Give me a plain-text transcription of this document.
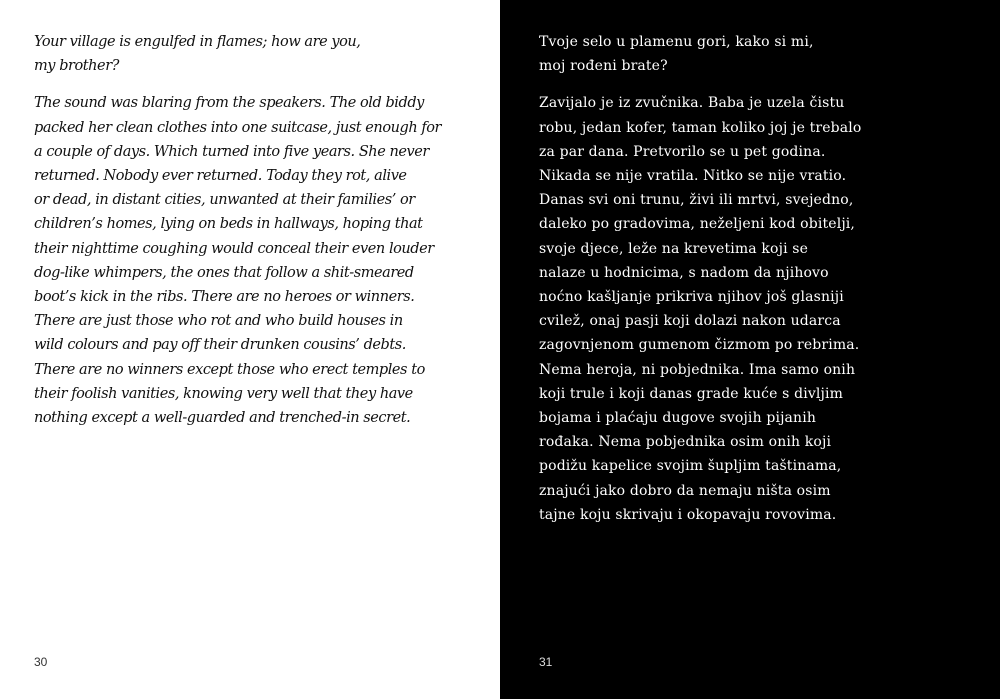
Your village is engulfed in flames; how are you,
my brother?

The sound was blaring from the speakers. The old biddy
packed her clean clothes into one suitcase, just enough for
a couple of days. Which turned into five years. She never
returned. Nobody ever returned. Today they rot, alive
or dead, in distant cities, unwanted at their families’ or
children’s homes, lying on beds in hallways, hoping that
their nighttime coughing would conceal their even louder
dog-like whimpers, the ones that follow a shit-smeared
boot’s kick in the ribs. There are no heroes or winners.
There are just those who rot and who build houses in
wild colours and pay off their drunken cousins’ debts.
There are no winners except those who erect temples to
their foolish vanities, knowing very well that they have
nothing except a well-guarded and trenched-in secret.

30

Tvoje selo u plamenu gori, kako si mi,
moj rođeni brate?

Zavijalo je iz zvučnika. Baba je uzela čistu
robu, jedan kofer, taman koliko joj je trebalo
za par dana. Pretvorilo se u pet godina.
Nikada se nije vratila. Nitko se nije vratio.
Danas svi oni trunu, živi ili mrtvi, svejedno,
daleko po gradovima, neželjeni kod obitelji,
svoje djece, leže na krevetima koji se
nalaze u hodnicima, s nadom da njihovo
noćno kašljanje prikriva njihov još glasniji
cvilež, onaj pasji koji dolazi nakon udarca
zagovnjenom gumenom čizmom po rebrima.
Nema heroja, ni pobjednika. Ima samo onih
koji trule i koji danas grade kuće s divljim
bojama i plaćaju dugove svojih pijanih
rođaka. Nema pobjednika osim onih koji
podižu kapelice svojim šupljim taštinama,
znajući jako dobro da nemaju ništa osim
tajne koju skrivaju i okopavaju rovovima.

31
